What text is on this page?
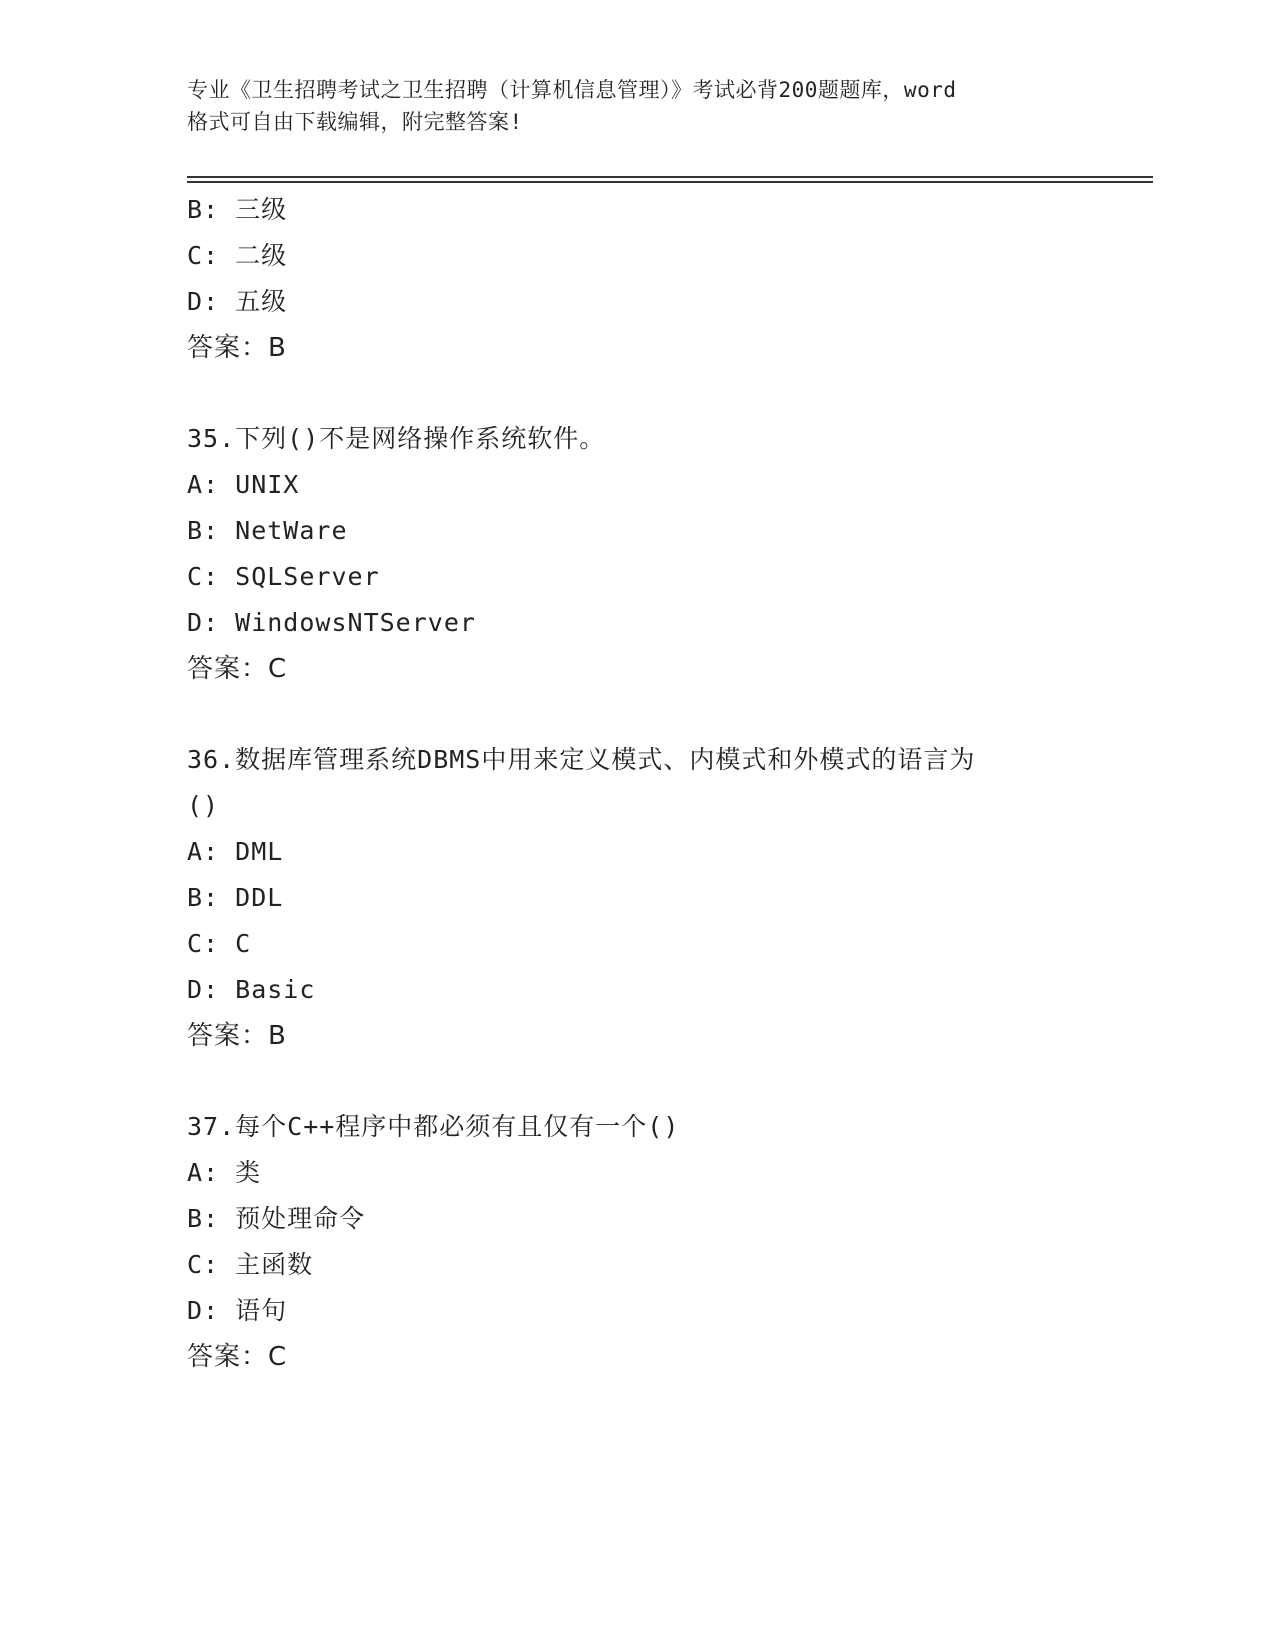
专业《卫生招聘考试之卫生招聘（计算机信息管理）》考试必背200题题库，word
格式可自由下载编辑，附完整答案!
B: 三级
C: 二级
D: 五级
答案：B
35.下列()不是网络操作系统软件。
A: UNIX
B: NetWare
C: SQLServer
D: WindowsNTServer
答案：C
36.数据库管理系统DBMS中用来定义模式、内模式和外模式的语言为
()
A: DML
B: DDL
C: C
D: Basic
答案：B
37.每个C++程序中都必须有且仅有一个()
A: 类
B: 预处理命令
C: 主函数
D: 语句
答案：C
